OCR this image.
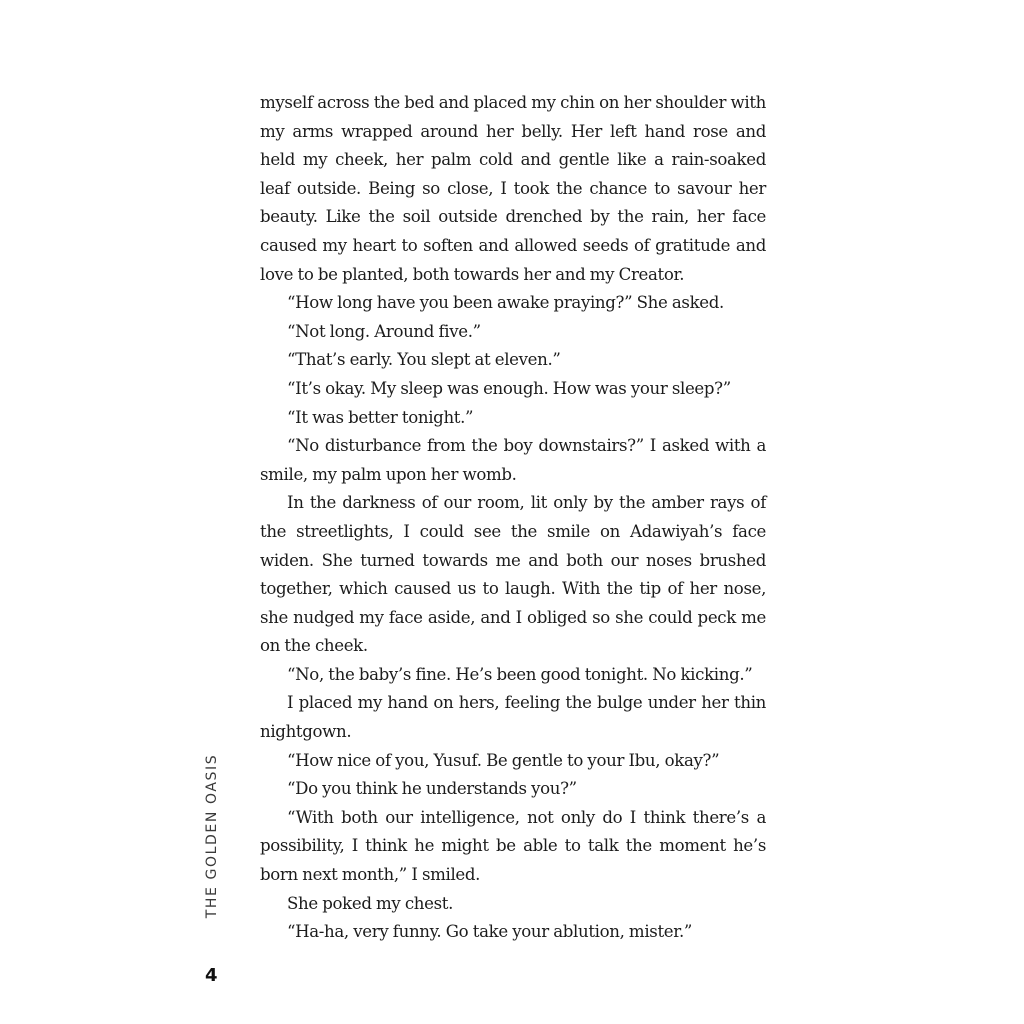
myself across the bed and placed my chin on her shoulder with my arms wrapped around her belly. Her left hand rose and held my cheek, her palm cold and gentle like a rain-soaked leaf outside. Being so close, I took the chance to savour her beauty. Like the soil outside drenched by the rain, her face caused my heart to soften and allowed seeds of gratitude and love to be planted, both towards her and my Creator.

“How long have you been awake praying?” She asked.

“Not long. Around five.”

“That’s early. You slept at eleven.”

“It’s okay. My sleep was enough. How was your sleep?”

“It was better tonight.”

“No disturbance from the boy downstairs?” I asked with a smile, my palm upon her womb.

In the darkness of our room, lit only by the amber rays of the streetlights, I could see the smile on Adawiyah’s face widen. She turned towards me and both our noses brushed together, which caused us to laugh. With the tip of her nose, she nudged my face aside, and I obliged so she could peck me on the cheek.

“No, the baby’s fine. He’s been good tonight. No kicking.”

I placed my hand on hers, feeling the bulge under her thin nightgown.

“How nice of you, Yusuf. Be gentle to your Ibu, okay?”

“Do you think he understands you?”

“With both our intelligence, not only do I think there’s a possibility, I think he might be able to talk the moment he’s born next month,” I smiled.

She poked my chest.

“Ha-ha, very funny. Go take your ablution, mister.”

THE GOLDEN OASIS
4
